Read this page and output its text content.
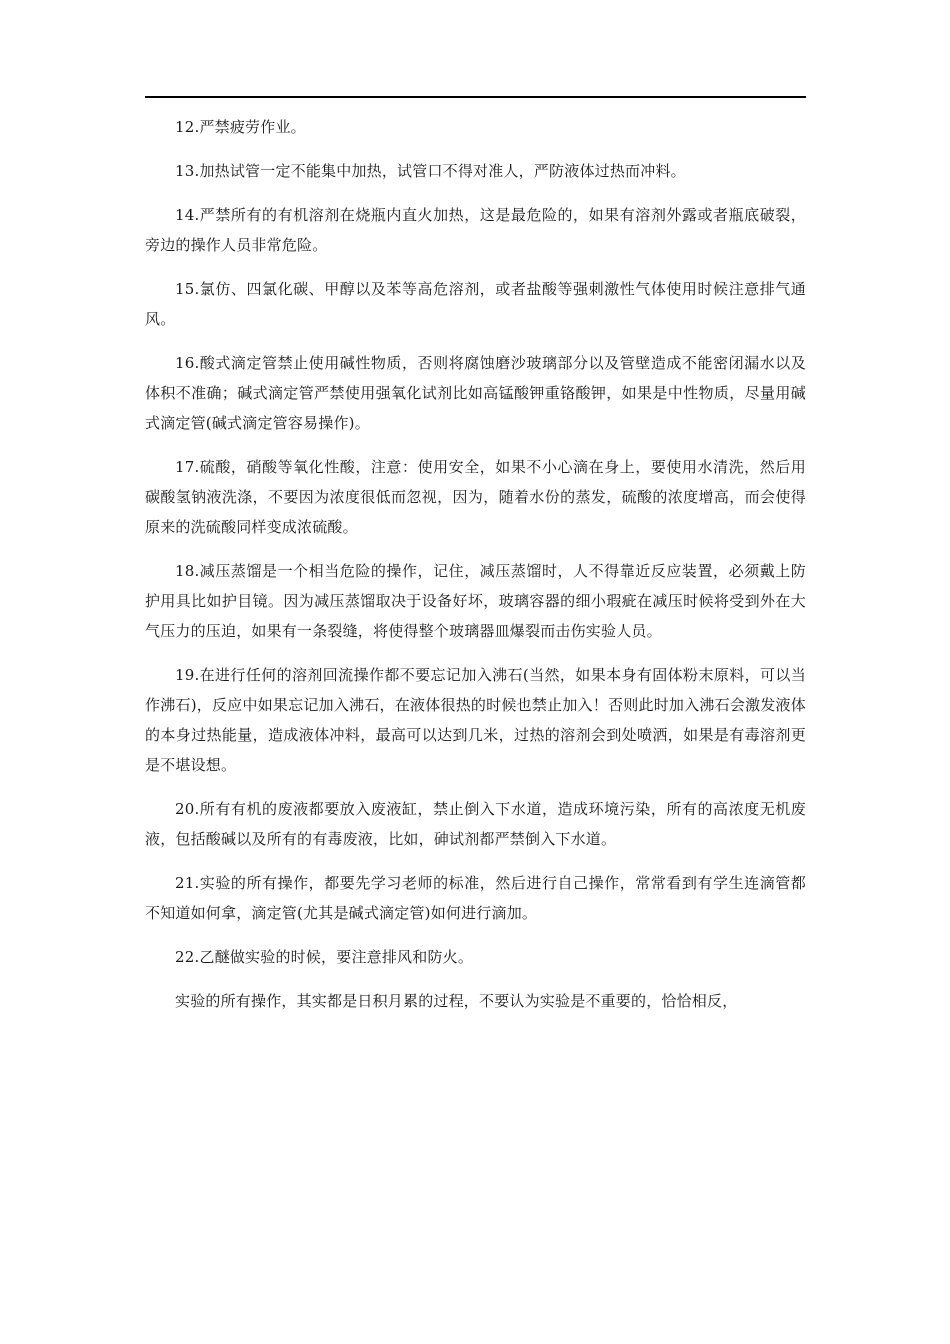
12.严禁疲劳作业。

13.加热试管一定不能集中加热，试管口不得对准人，严防液体过热而冲料。

14.严禁所有的有机溶剂在烧瓶内直火加热，这是最危险的，如果有溶剂外露或者瓶底破裂，旁边的操作人员非常危险。

15.氯仿、四氯化碳、甲醇以及苯等高危溶剂，或者盐酸等强刺激性气体使用时候注意排气通风。

16.酸式滴定管禁止使用碱性物质，否则将腐蚀磨沙玻璃部分以及管壁造成不能密闭漏水以及体积不准确；碱式滴定管严禁使用强氧化试剂比如高锰酸钾重铬酸钾，如果是中性物质，尽量用碱式滴定管(碱式滴定管容易操作)。

17.硫酸，硝酸等氧化性酸，注意：使用安全，如果不小心滴在身上，要使用水清洗，然后用碳酸氢钠液洗涤，不要因为浓度很低而忽视，因为，随着水份的蒸发，硫酸的浓度增高，而会使得原来的洗硫酸同样变成浓硫酸。

18.减压蒸馏是一个相当危险的操作，记住，减压蒸馏时，人不得靠近反应装置，必须戴上防护用具比如护目镜。因为减压蒸馏取决于设备好坏，玻璃容器的细小瑕疵在减压时候将受到外在大气压力的压迫，如果有一条裂缝，将使得整个玻璃器皿爆裂而击伤实验人员。

19.在进行任何的溶剂回流操作都不要忘记加入沸石(当然，如果本身有固体粉末原料，可以当作沸石)，反应中如果忘记加入沸石，在液体很热的时候也禁止加入！否则此时加入沸石会激发液体的本身过热能量，造成液体冲料，最高可以达到几米，过热的溶剂会到处喷洒，如果是有毒溶剂更是不堪设想。

20.所有有机的废液都要放入废液缸，禁止倒入下水道，造成环境污染，所有的高浓度无机废液，包括酸碱以及所有的有毒废液，比如，砷试剂都严禁倒入下水道。

21.实验的所有操作，都要先学习老师的标准，然后进行自己操作，常常看到有学生连滴管都不知道如何拿，滴定管(尤其是碱式滴定管)如何进行滴加。

22.乙醚做实验的时候，要注意排风和防火。

实验的所有操作，其实都是日积月累的过程，不要认为实验是不重要的，恰恰相反，
